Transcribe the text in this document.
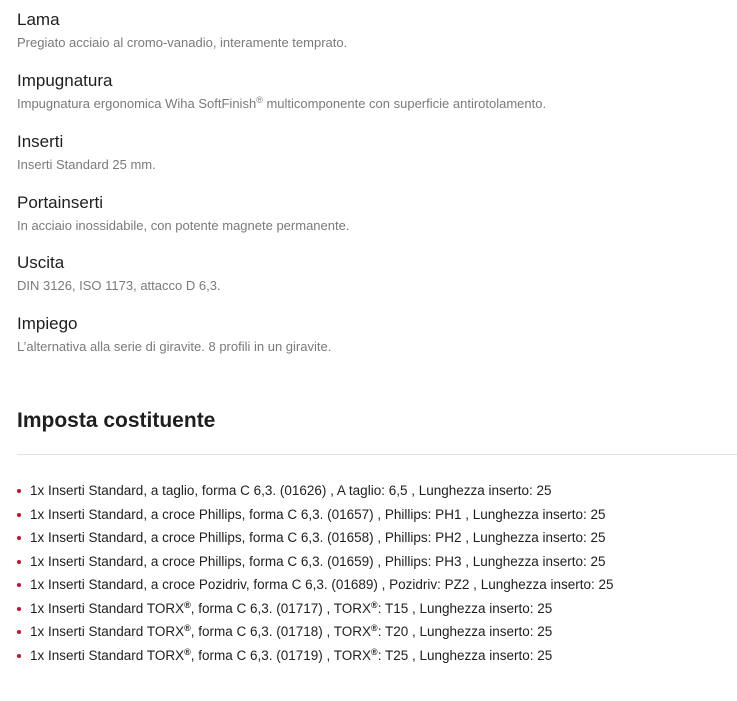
Lama

Pregiato acciaio al cromo-vanadio, interamente temprato.

Impugnatura

Impugnatura ergonomica Wiha SoftFinish® multicomponente con superficie antirotolamento.

Inserti

Inserti Standard 25 mm.

Portainserti

In acciaio inossidabile, con potente magnete permanente.

Uscita

DIN 3126, ISO 1173, attacco D 6,3.

Impiego

L’alternativa alla serie di giravite. 8 profili in un giravite.

Imposta costituente
1x Inserti Standard, a taglio, forma C 6,3. (01626) , A taglio: 6,5 , Lunghezza inserto: 25
1x Inserti Standard, a croce Phillips, forma C 6,3. (01657) , Phillips: PH1 , Lunghezza inserto: 25
1x Inserti Standard, a croce Phillips, forma C 6,3. (01658) , Phillips: PH2 , Lunghezza inserto: 25
1x Inserti Standard, a croce Phillips, forma C 6,3. (01659) , Phillips: PH3 , Lunghezza inserto: 25
1x Inserti Standard, a croce Pozidriv, forma C 6,3. (01689) , Pozidriv: PZ2 , Lunghezza inserto: 25
1x Inserti Standard TORX®, forma C 6,3. (01717) , TORX®: T15 , Lunghezza inserto: 25
1x Inserti Standard TORX®, forma C 6,3. (01718) , TORX®: T20 , Lunghezza inserto: 25
1x Inserti Standard TORX®, forma C 6,3. (01719) , TORX®: T25 , Lunghezza inserto: 25
